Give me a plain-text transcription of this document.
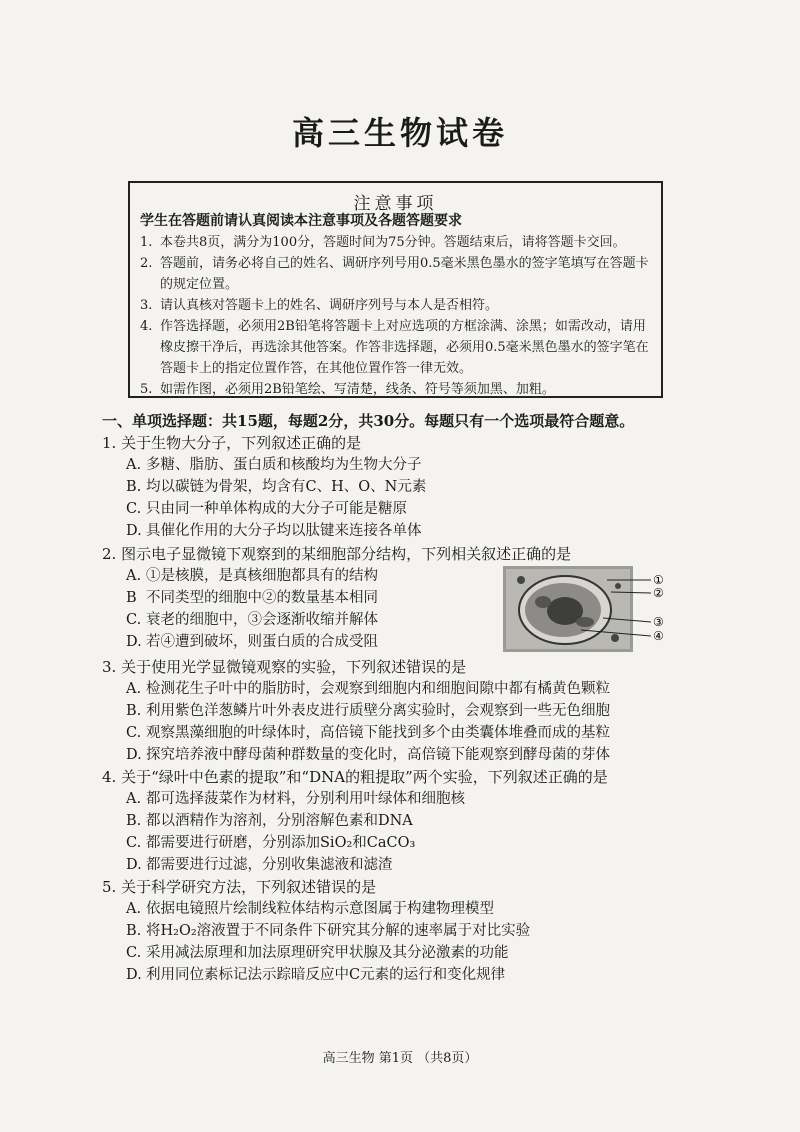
高三生物试卷
注意事项
学生在答题前请认真阅读本注意事项及各题答题要求
1. 本卷共8页，满分为100分，答题时间为75分钟。答题结束后，请将答题卡交回。
2. 答题前，请务必将自己的姓名、调研序列号用0.5毫米黑色墨水的签字笔填写在答题卡的规定位置。
3. 请认真核对答题卡上的姓名、调研序列号与本人是否相符。
4. 作答选择题，必须用2B铅笔将答题卡上对应选项的方框涂满、涂黑；如需改动，请用橡皮擦干净后，再选涂其他答案。作答非选择题，必须用0.5毫米黑色墨水的签字笔在答题卡上的指定位置作答，在其他位置作答一律无效。
5. 如需作图，必须用2B铅笔绘、写清楚，线条、符号等须加黑、加粗。
一、单项选择题：共15题，每题2分，共30分。每题只有一个选项最符合题意。
1. 关于生物大分子，下列叙述正确的是
A. 多糖、脂肪、蛋白质和核酸均为生物大分子
B. 均以碳链为骨架，均含有C、H、O、N元素
C. 只由同一种单体构成的大分子可能是糖原
D. 具催化作用的大分子均以肽键来连接各单体
2. 图示电子显微镜下观察到的某细胞部分结构，下列相关叙述正确的是
A. ①是核膜，是真核细胞都具有的结构
B 不同类型的细胞中②的数量基本相同
C. 衰老的细胞中，③会逐渐收缩并解体
D. 若④遭到破坏，则蛋白质的合成受阻
①
②
③
④
3. 关于使用光学显微镜观察的实验，下列叙述错误的是
A. 检测花生子叶中的脂肪时，会观察到细胞内和细胞间隙中都有橘黄色颗粒
B. 利用紫色洋葱鳞片叶外表皮进行质壁分离实验时，会观察到一些无色细胞
C. 观察黑藻细胞的叶绿体时，高倍镜下能找到多个由类囊体堆叠而成的基粒
D. 探究培养液中酵母菌种群数量的变化时，高倍镜下能观察到酵母菌的芽体
4. 关于“绿叶中色素的提取”和“DNA的粗提取”两个实验，下列叙述正确的是
A. 都可选择菠菜作为材料，分别利用叶绿体和细胞核
B. 都以酒精作为溶剂，分别溶解色素和DNA
C. 都需要进行研磨，分别添加SiO₂和CaCO₃
D. 都需要进行过滤，分别收集滤液和滤渣
5. 关于科学研究方法，下列叙述错误的是
A. 依据电镜照片绘制线粒体结构示意图属于构建物理模型
B. 将H₂O₂溶液置于不同条件下研究其分解的速率属于对比实验
C. 采用减法原理和加法原理研究甲状腺及其分泌激素的功能
D. 利用同位素标记法示踪暗反应中C元素的运行和变化规律
高三生物 第1页 （共8页）
